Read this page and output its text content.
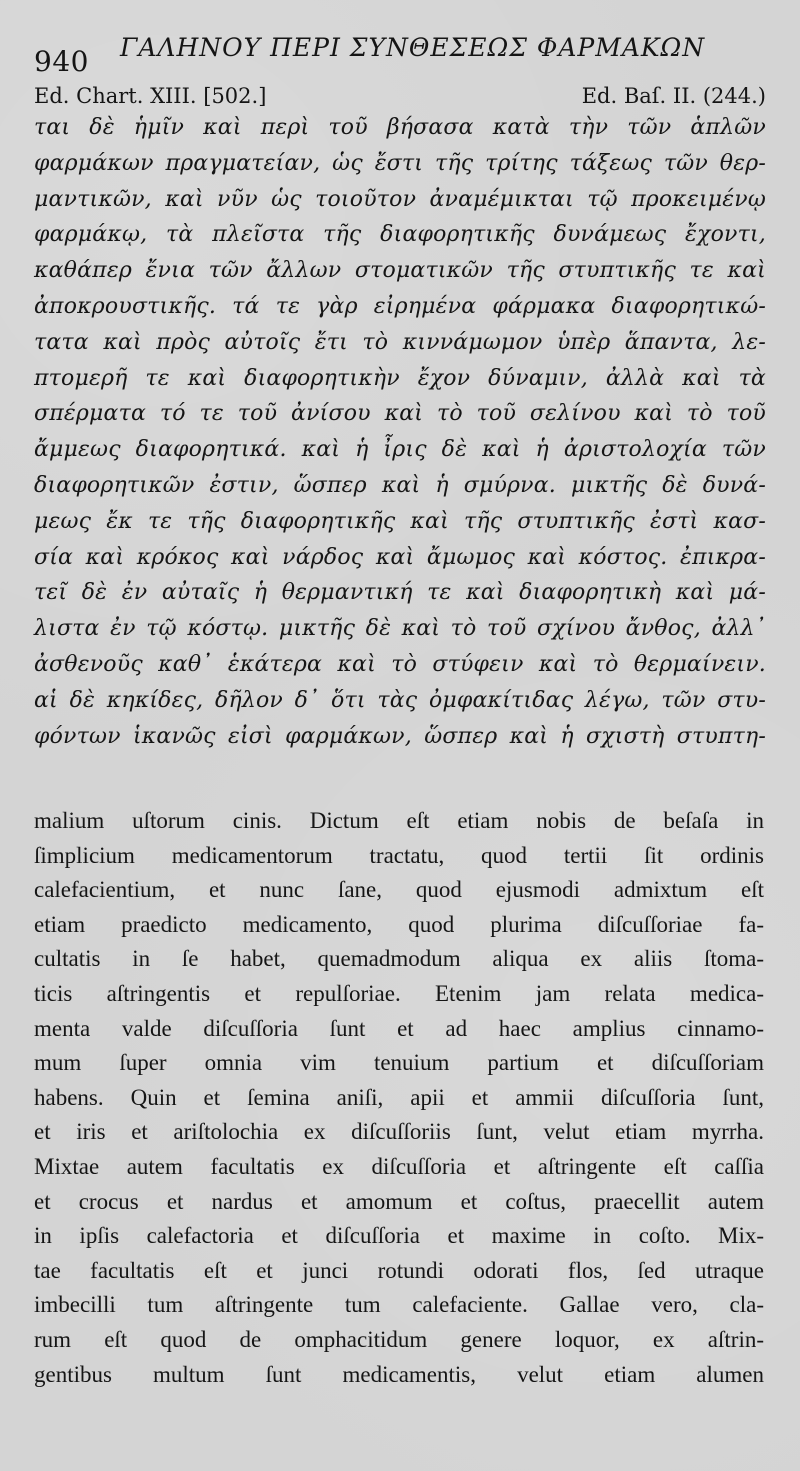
940 ΓΑΛΗΝΟΥ ΠΕΡΙ ΣΥΝΘΕΣΕΩΣ ΦΑΡΜΑΚΩΝ
Ed. Chart. XIII. [502.]	Ed. Baſ. II. (244.)
ται δὲ ἡμῖν καὶ περὶ τοῦ βήσασα κατὰ τὴν τῶν ἁπλῶν
φαρμάκων πραγματείαν, ὡς ἔστι τῆς τρίτης τάξεως τῶν θερ-
μαντικῶν, καὶ νῦν ὡς τοιοῦτον ἀναμέμικται τῷ προκειμένῳ
φαρμάκῳ, τὰ πλεῖστα τῆς διαφορητικῆς δυνάμεως ἔχοντι,
καθάπερ ἔνια τῶν ἄλλων στοματικῶν τῆς στυπτικῆς τε καὶ
ἀποκρουστικῆς. τά τε γὰρ εἰρημένα φάρμακα διαφορητικώ-
τατα καὶ πρὸς αὐτοῖς ἔτι τὸ κιννάμωμον ὑπὲρ ἅπαντα, λε-
πτομερῆ τε καὶ διαφορητικὴν ἔχον δύναμιν, ἀλλὰ καὶ τὰ
σπέρματα τό τε τοῦ ἀνίσου καὶ τὸ τοῦ σελίνου καὶ τὸ τοῦ
ἄμμεως διαφορητικά. καὶ ἡ ἶρις δὲ καὶ ἡ ἀριστολοχία τῶν
διαφορητικῶν ἐστιν, ὥσπερ καὶ ἡ σμύρνα. μικτῆς δὲ δυνά-
μεως ἔκ τε τῆς διαφορητικῆς καὶ τῆς στυπτικῆς ἐστὶ κασ-
σία καὶ κρόκος καὶ νάρδος καὶ ἄμωμος καὶ κόστος. ἐπικρα-
τεῖ δὲ ἐν αὐταῖς ἡ θερμαντική τε καὶ διαφορητικὴ καὶ μά-
λιστα ἐν τῷ κόστῳ. μικτῆς δὲ καὶ τὸ τοῦ σχίνου ἄνθος, ἀλλ᾽
ἀσθενοῦς καθ᾽ ἑκάτερα καὶ τὸ στύφειν καὶ τὸ θερμαίνειν.
αἱ δὲ κηκίδες, δῆλον δ᾽ ὅτι τὰς ὀμφακίτιδας λέγω, τῶν στυ-
φόντων ἱκανῶς εἰσὶ φαρμάκων, ὥσπερ καὶ ἡ σχιστὴ στυπτη-
malium uſtorum cinis. Dictum eſt etiam nobis de beſaſa in
ſimplicium medicamentorum tractatu, quod tertii ſit ordinis
calefacientium, et nunc ſane, quod ejusmodi admixtum eſt
etiam praedicto medicamento, quod plurima diſcuſſoriae fa-
cultatis in ſe habet, quemadmodum aliqua ex aliis ſtoma-
ticis aſtringentis et repulſoriae. Etenim jam relata medica-
menta valde diſcuſſoria ſunt et ad haec amplius cinnamo-
mum ſuper omnia vim tenuium partium et diſcuſſoriam
habens. Quin et ſemina aniſi, apii et ammii diſcuſſoria ſunt,
et iris et ariſtolochia ex diſcuſſoriis ſunt, velut etiam myrrha.
Mixtae autem facultatis ex diſcuſſoria et aſtringente eſt caſſia
et crocus et nardus et amomum et coſtus, praecellit autem
in ipſis calefactoria et diſcuſſoria et maxime in coſto. Mix-
tae facultatis eſt et junci rotundi odorati flos, ſed utraque
imbecilli tum aſtringente tum calefaciente. Gallae vero, cla-
rum eſt quod de omphacitidum genere loquor, ex aſtrin-
gentibus multum ſunt medicamentis, velut etiam alumen
